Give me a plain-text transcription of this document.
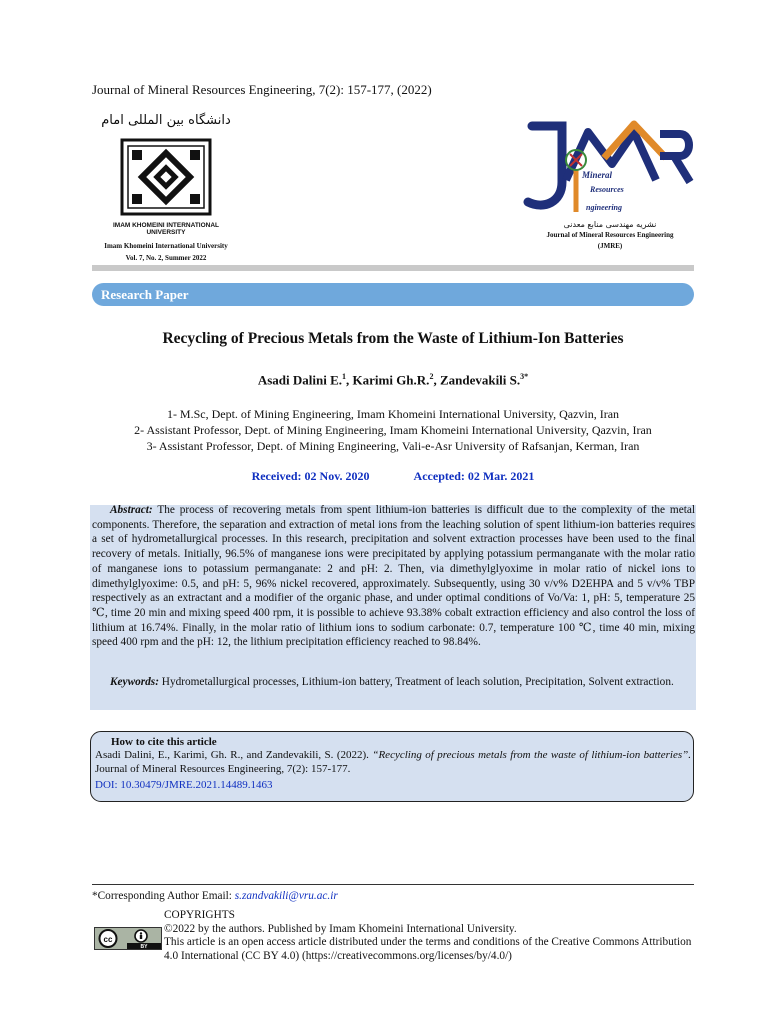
Journal of Mineral Resources Engineering, 7(2): 157-177, (2022)
دانشگاه بین المللی امام
IMAM KHOMEINI INTERNATIONAL UNIVERSITY
Imam Khomeini International University
Vol. 7, No. 2, Summer 2022
Mineral
Resources
ngineering
نشریه مهندسی منابع معدنی
Journal of Mineral Resources Engineering
(JMRE)
Research Paper
Recycling of Precious Metals from the Waste of Lithium-Ion Batteries
Asadi Dalini E.$^1$, Karimi Gh.R.$^2$, Zandevakili S.$^{3*}$
1- M.Sc, Dept. of Mining Engineering, Imam Khomeini International University, Qazvin, Iran
2- Assistant Professor, Dept. of Mining Engineering, Imam Khomeini International University, Qazvin, Iran
3- Assistant Professor, Dept. of Mining Engineering, Vali-e-Asr University of Rafsanjan, Kerman, Iran
Received: 02 Nov. 2020	Accepted: 02 Mar. 2021
Abstract: The process of recovering metals from spent lithium-ion batteries is difficult due to the complexity of the metal components. Therefore, the separation and extraction of metal ions from the leaching solution of spent lithium-ion batteries requires a set of hydrometallurgical processes. In this research, precipitation and solvent extraction processes have been used to the final recovery of metals. Initially, 96.5% of manganese ions were precipitated by applying potassium permanganate with the molar ratio of manganese ions to potassium permanganate: 2 and pH: 2. Then, via dimethylglyoxime in molar ratio of nickel ions to dimethylglyoxime: 0.5, and pH: 5, 96% nickel recovered, approximately. Subsequently, using 30 v/v% D2EHPA and 5 v/v% TBP respectively as an extractant and a modifier of the organic phase, and under optimal conditions of Vo/Va: 1, pH: 5, temperature 25 ℃, time 20 min and mixing speed 400 rpm, it is possible to achieve 93.38% cobalt extraction efficiency and also control the loss of lithium at 16.74%. Finally, in the molar ratio of lithium ions to sodium carbonate: 0.7, temperature 100 ℃, time 40 min, mixing speed 400 rpm and the pH: 12, the lithium precipitation efficiency reached to 98.84%.
Keywords: Hydrometallurgical processes, Lithium-ion battery, Treatment of leach solution, Precipitation, Solvent extraction.
How to cite this article
Asadi Dalini, E., Karimi, Gh. R., and Zandevakili, S. (2022). “Recycling of precious metals from the waste of lithium-ion batteries”. Journal of Mineral Resources Engineering, 7(2): 157-177.
DOI: 10.30479/JMRE.2021.14489.1463
*Corresponding Author Email: s.zandvakili@vru.ac.ir
cc
BY
COPYRIGHTS
©2022 by the authors. Published by Imam Khomeini International University.
This article is an open access article distributed under the terms and conditions of the Creative Commons Attribution 4.0 International (CC BY 4.0) (https://creativecommons.org/licenses/by/4.0/)
